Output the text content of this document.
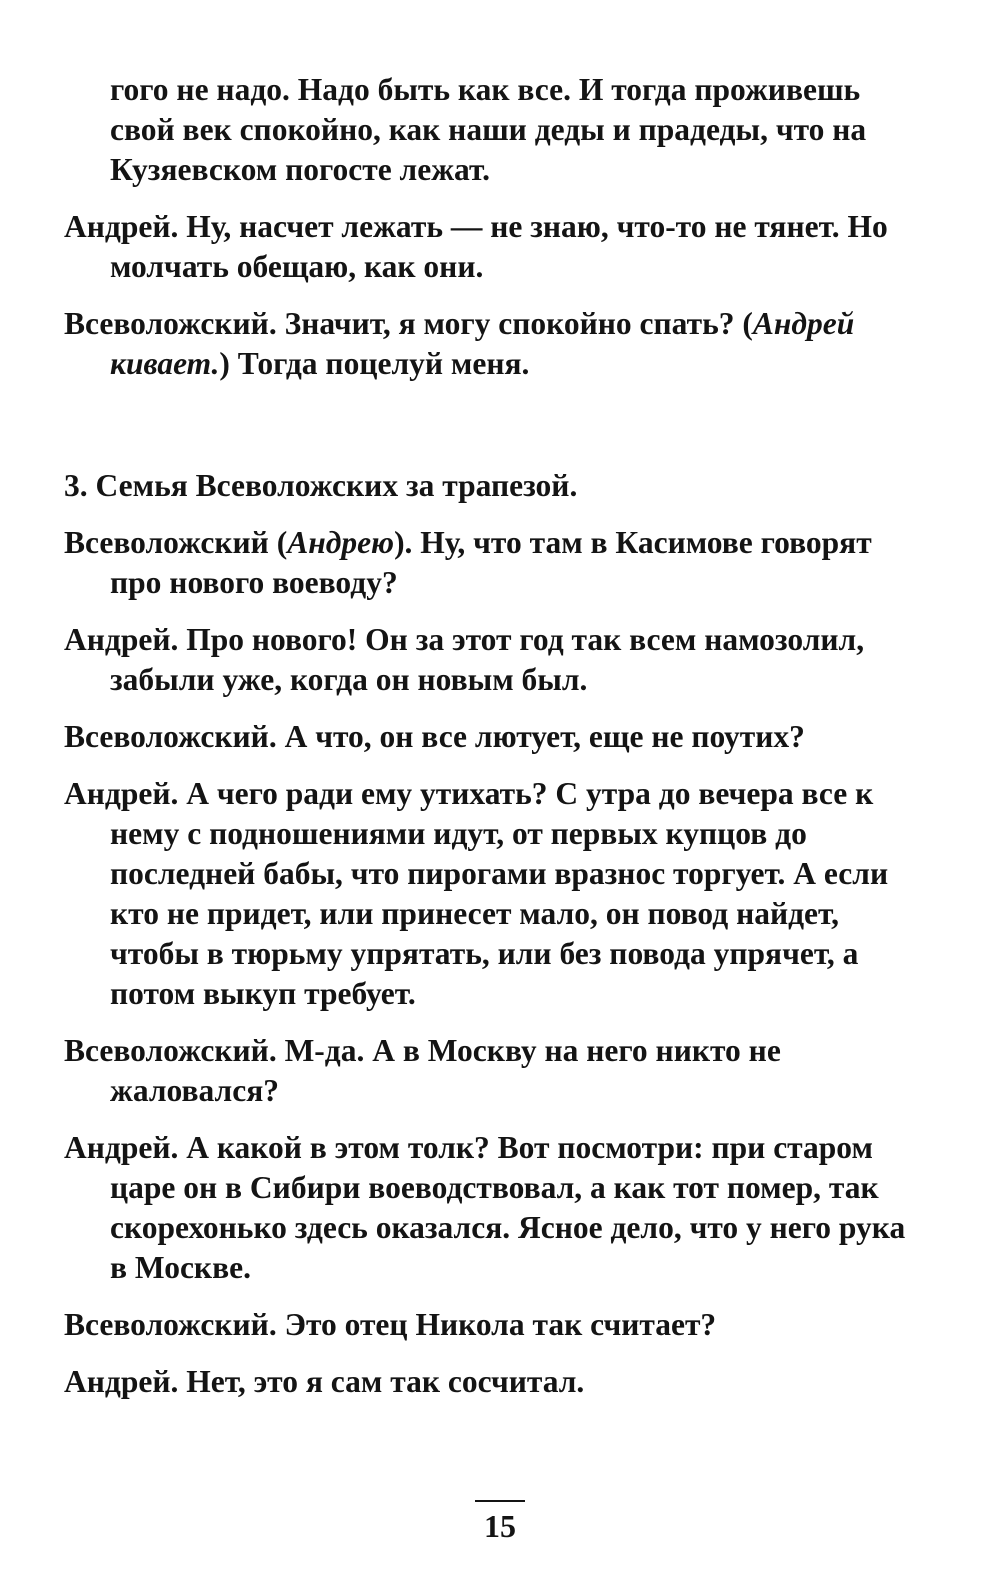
гого не надо. Надо быть как все. И тогда проживешь свой век спокойно, как наши деды и прадеды, что на Кузяевском погосте лежат.

Андрей. Ну, насчет лежать — не знаю, что-то не тянет. Но молчать обещаю, как они.

Всеволожский. Значит, я могу спокойно спать? (Андрей кивает.) Тогда поцелуй меня.

3. Семья Всеволожских за трапезой.

Всеволожский (Андрею). Ну, что там в Касимове говорят про нового воеводу?

Андрей. Про нового! Он за этот год так всем намозолил, забыли уже, когда он новым был.

Всеволожский. А что, он все лютует, еще не поутих?

Андрей. А чего ради ему утихать? С утра до вечера все к нему с подношениями идут, от первых купцов до последней бабы, что пирогами вразнос торгует. А если кто не придет, или принесет мало, он повод найдет, чтобы в тюрьму упрятать, или без повода упрячет, а потом выкуп требует.

Всеволожский. М-да. А в Москву на него никто не жаловался?

Андрей. А какой в этом толк? Вот посмотри: при старом царе он в Сибири воеводствовал, а как тот помер, так скорехонько здесь оказался. Ясное дело, что у него рука в Москве.

Всеволожский. Это отец Никола так считает?

Андрей. Нет, это я сам так сосчитал.

15
